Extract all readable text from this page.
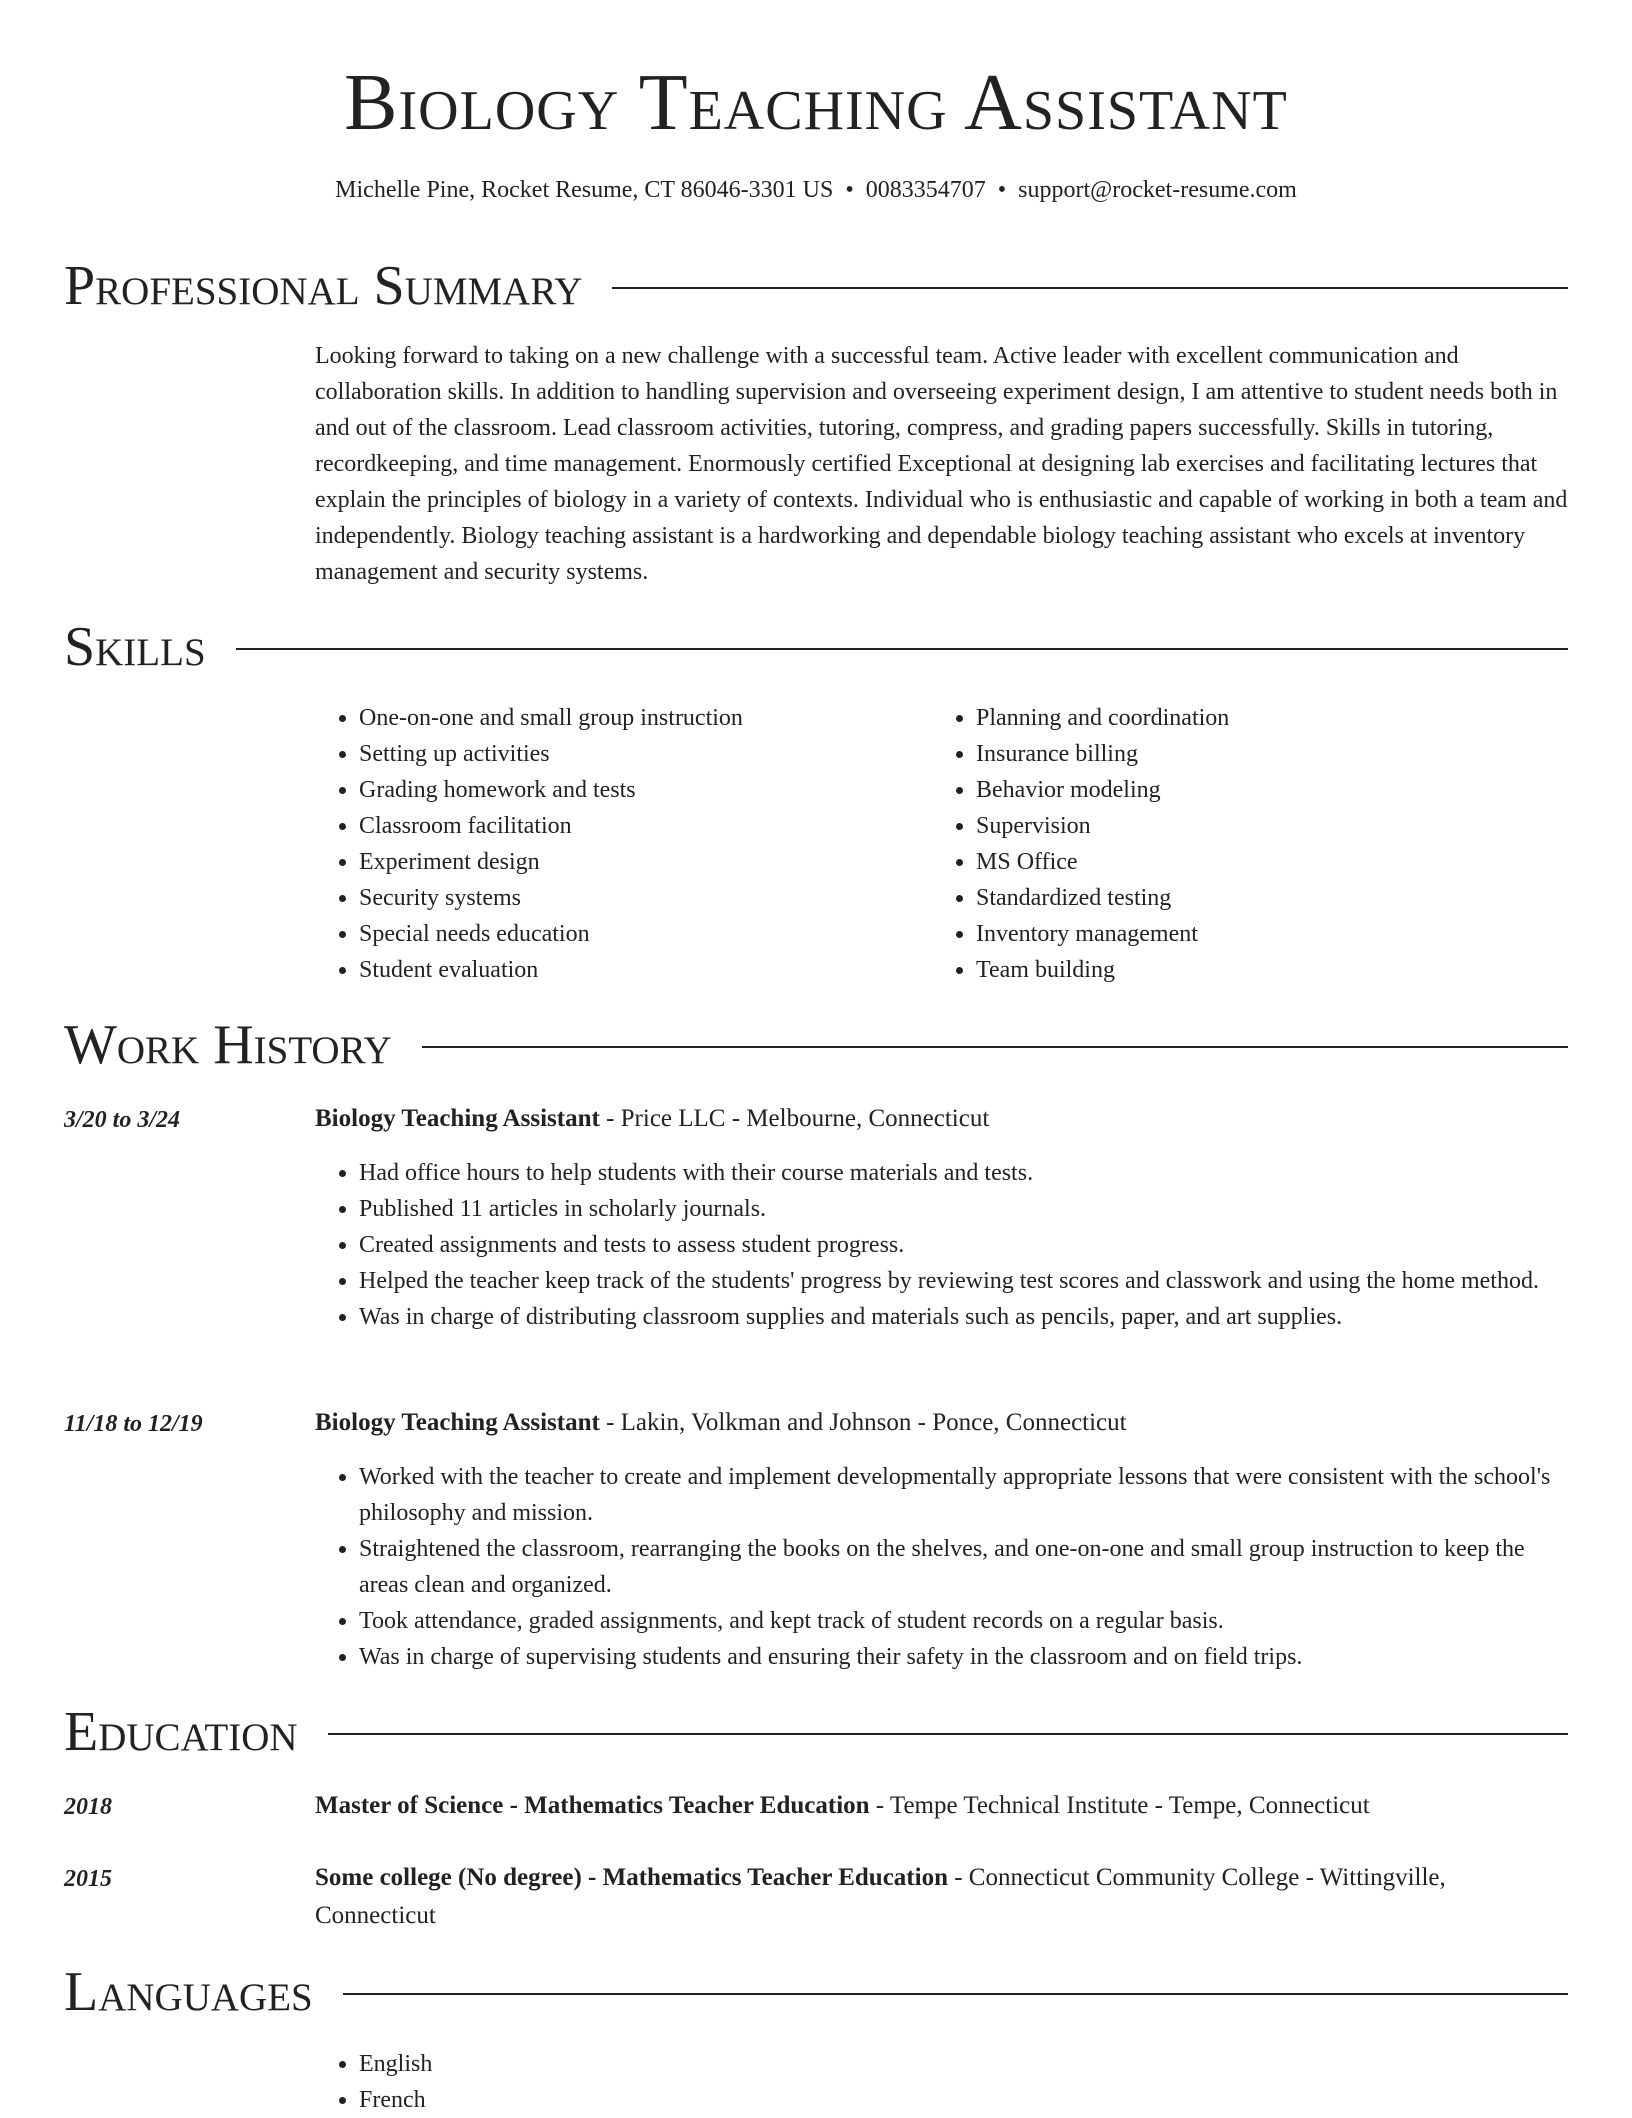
Biology Teaching Assistant
Michelle Pine, Rocket Resume, CT 86046-3301 US • 0083354707 • support@rocket-resume.com
Professional Summary

Looking forward to taking on a new challenge with a successful team. Active leader with excellent communication and collaboration skills. In addition to handling supervision and overseeing experiment design, I am attentive to student needs both in and out of the classroom. Lead classroom activities, tutoring, compress, and grading papers successfully. Skills in tutoring, recordkeeping, and time management. Enormously certified Exceptional at designing lab exercises and facilitating lectures that explain the principles of biology in a variety of contexts. Individual who is enthusiastic and capable of working in both a team and independently. Biology teaching assistant is a hardworking and dependable biology teaching assistant who excels at inventory management and security systems.

Skills
• One-on-one and small group instruction
• Setting up activities
• Grading homework and tests
• Classroom facilitation
• Experiment design
• Security systems
• Special needs education
• Student evaluation
• Planning and coordination
• Insurance billing
• Behavior modeling
• Supervision
• MS Office
• Standardized testing
• Inventory management
• Team building
Work History
3/20 to 3/24	Biology Teaching Assistant - Price LLC - Melbourne, Connecticut
• Had office hours to help students with their course materials and tests.
• Published 11 articles in scholarly journals.
• Created assignments and tests to assess student progress.
• Helped the teacher keep track of the students' progress by reviewing test scores and classwork and using the home method.
• Was in charge of distributing classroom supplies and materials such as pencils, paper, and art supplies.
11/18 to 12/19	Biology Teaching Assistant - Lakin, Volkman and Johnson - Ponce, Connecticut
• Worked with the teacher to create and implement developmentally appropriate lessons that were consistent with the school's philosophy and mission.
• Straightened the classroom, rearranging the books on the shelves, and one-on-one and small group instruction to keep the areas clean and organized.
• Took attendance, graded assignments, and kept track of student records on a regular basis.
• Was in charge of supervising students and ensuring their safety in the classroom and on field trips.
Education
2018	Master of Science - Mathematics Teacher Education - Tempe Technical Institute - Tempe, Connecticut
2015	Some college (No degree) - Mathematics Teacher Education - Connecticut Community College - Wittingville, Connecticut
Languages
• English
• French
